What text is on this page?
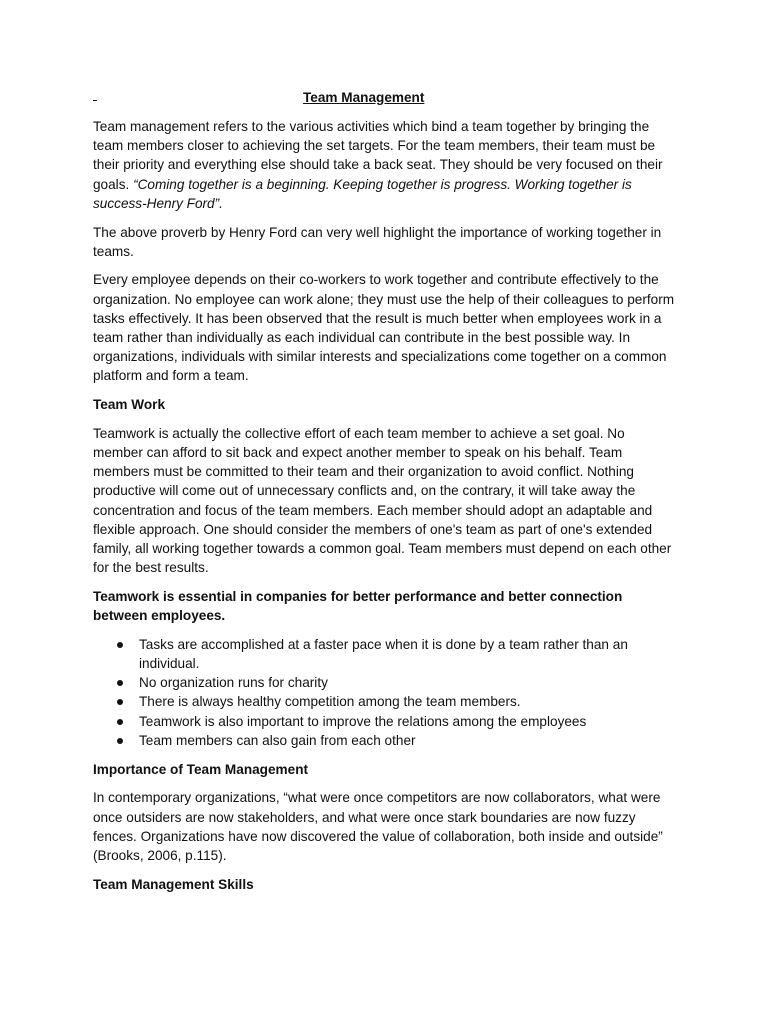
Team Management

Team management refers to the various activities which bind a team together by bringing the team members closer to achieving the set targets. For the team members, their team must be their priority and everything else should take a back seat. They should be very focused on their goals. “Coming together is a beginning. Keeping together is progress. Working together is success-Henry Ford”.

The above proverb by Henry Ford can very well highlight the importance of working together in teams.

Every employee depends on their co-workers to work together and contribute effectively to the organization. No employee can work alone; they must use the help of their colleagues to perform tasks effectively. It has been observed that the result is much better when employees work in a team rather than individually as each individual can contribute in the best possible way. In organizations, individuals with similar interests and specializations come together on a common platform and form a team.

Team Work

Teamwork is actually the collective effort of each team member to achieve a set goal. No member can afford to sit back and expect another member to speak on his behalf. Team members must be committed to their team and their organization to avoid conflict. Nothing productive will come out of unnecessary conflicts and, on the contrary, it will take away the concentration and focus of the team members. Each member should adopt an adaptable and flexible approach. One should consider the members of one's team as part of one's extended family, all working together towards a common goal. Team members must depend on each other for the best results.

Teamwork is essential in companies for better performance and better connection between employees.
Tasks are accomplished at a faster pace when it is done by a team rather than an individual.
No organization runs for charity
There is always healthy competition among the team members.
Teamwork is also important to improve the relations among the employees
Team members can also gain from each other
Importance of Team Management

In contemporary organizations, “what were once competitors are now collaborators, what were once outsiders are now stakeholders, and what were once stark boundaries are now fuzzy fences. Organizations have now discovered the value of collaboration, both inside and outside” (Brooks, 2006, p.115).

Team Management Skills
